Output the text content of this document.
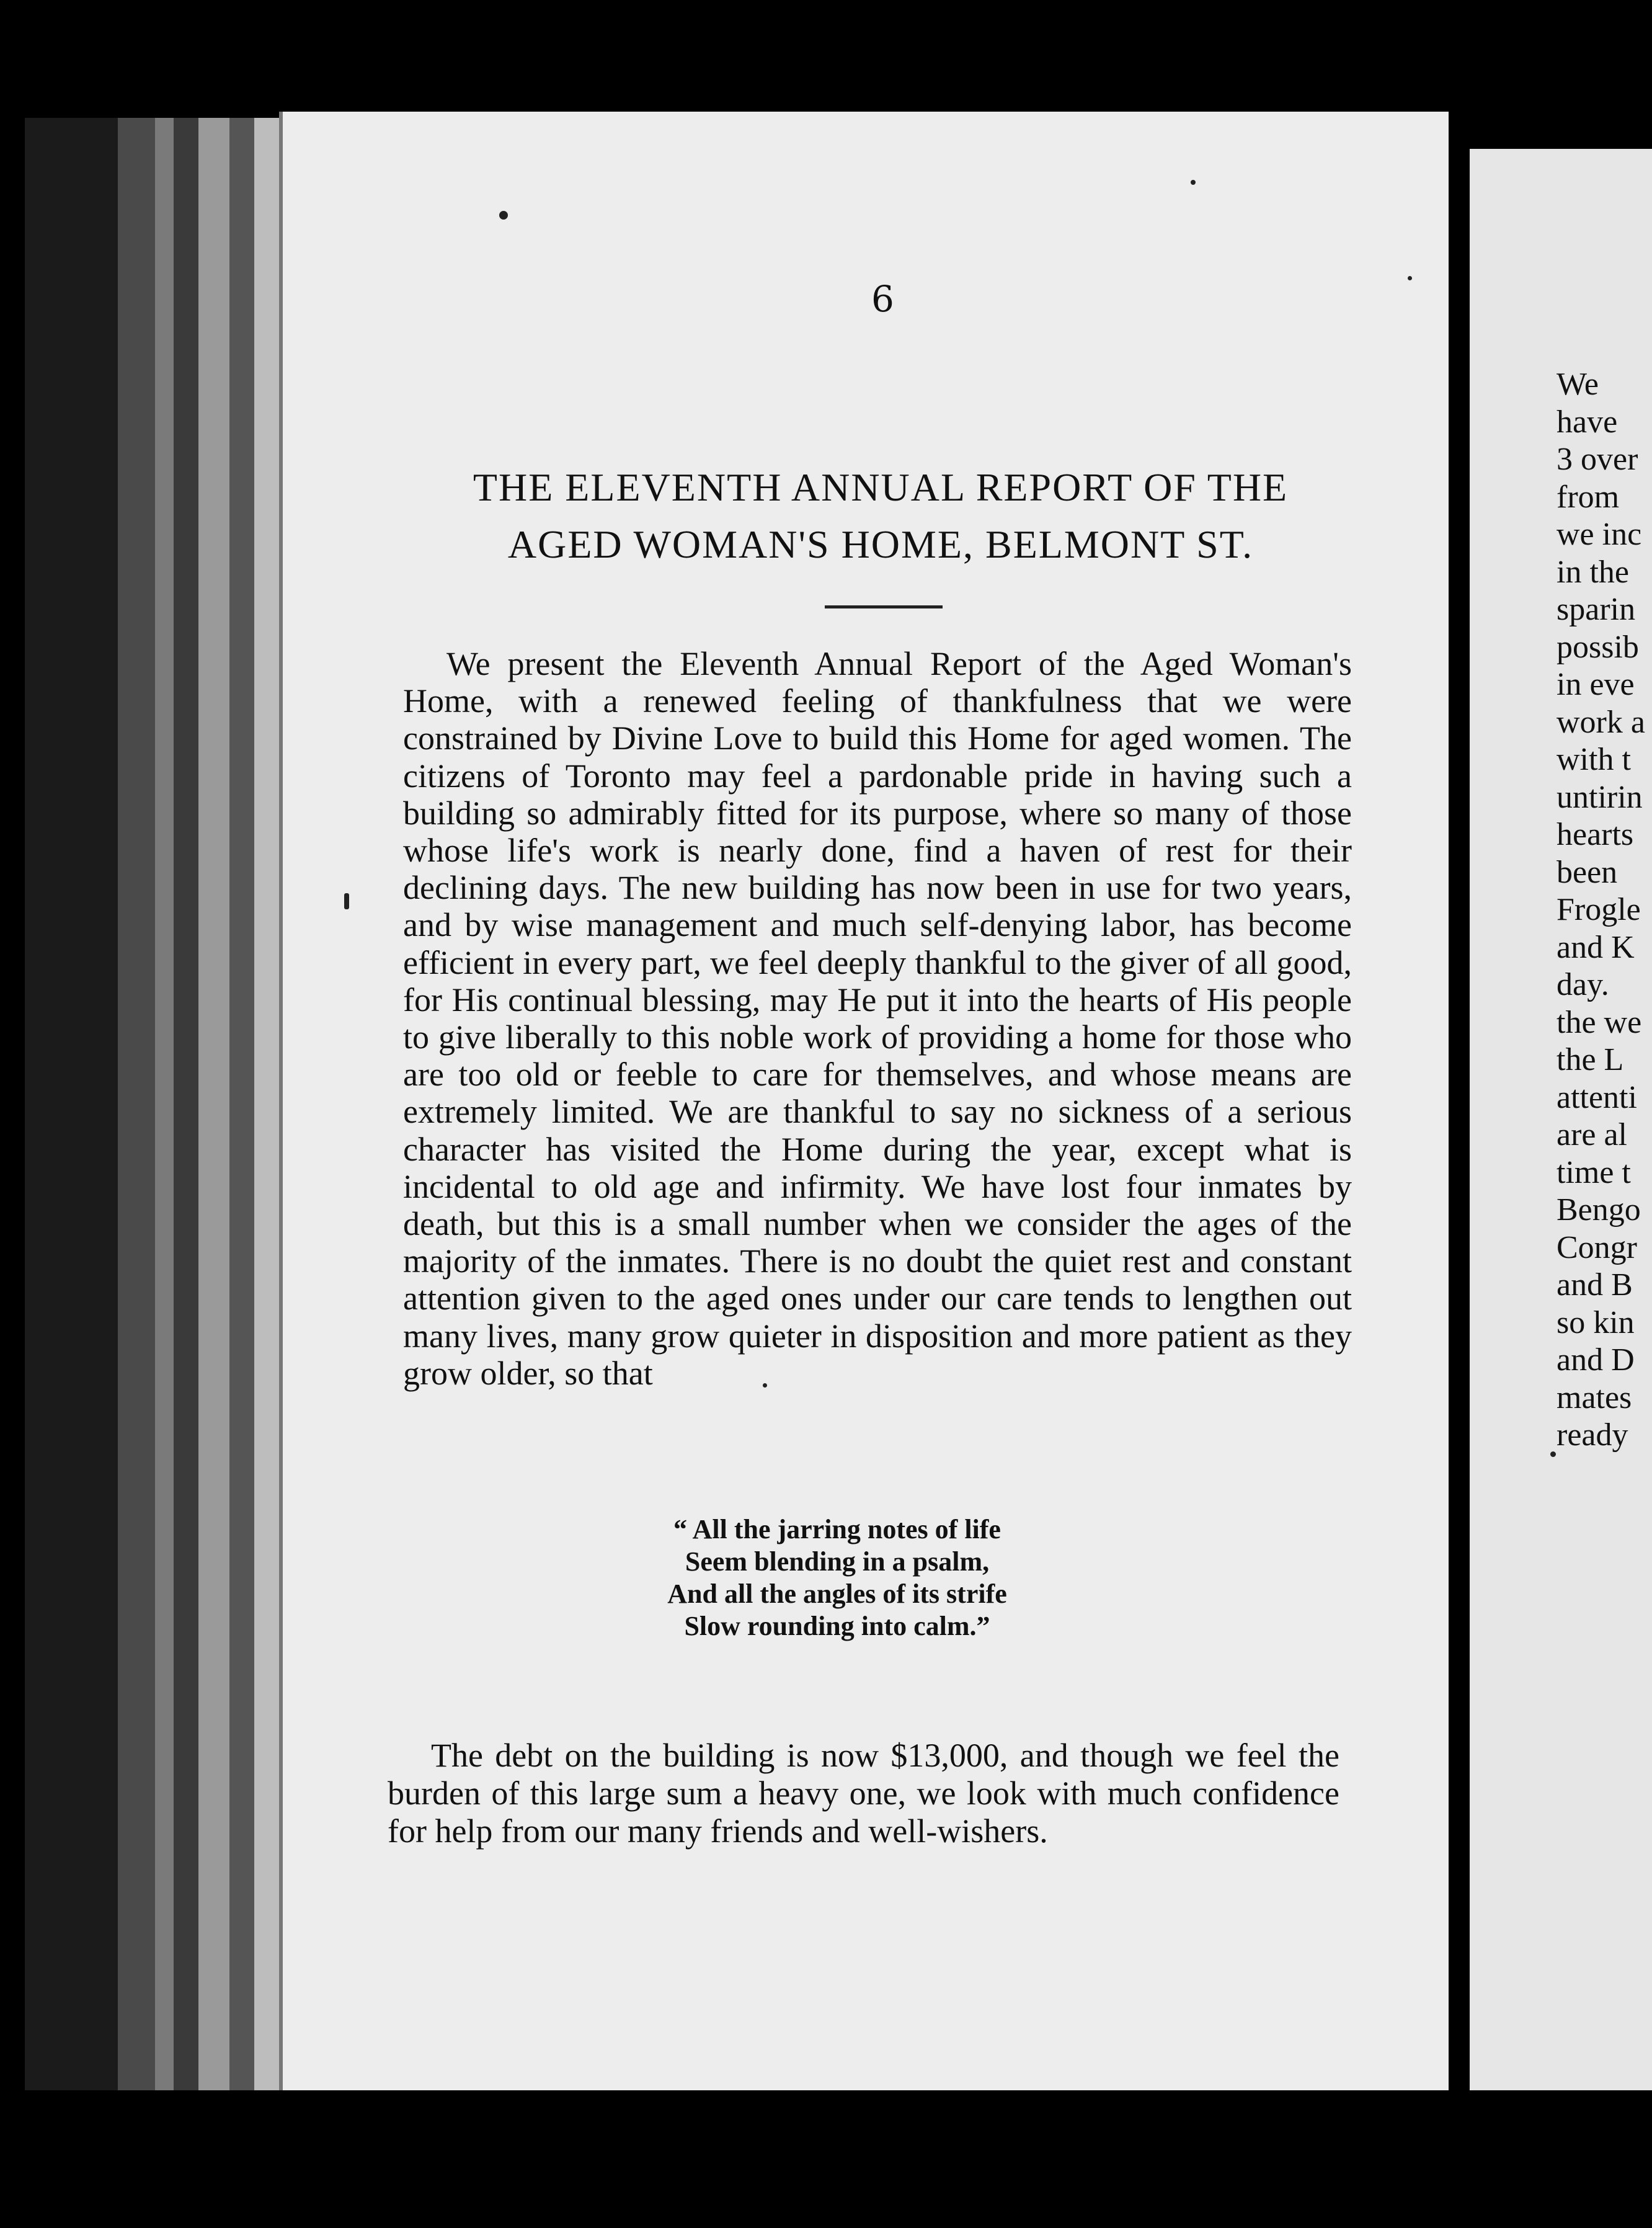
6
THE ELEVENTH ANNUAL REPORT OF THE
AGED WOMAN'S HOME, BELMONT ST.
We present the Eleventh Annual Report of the Aged Woman's Home, with a renewed feeling of thankfulness that we were constrained by Divine Love to build this Home for aged women. The citizens of Toronto may feel a pardonable pride in having such a building so admirably fitted for its purpose, where so many of those whose life's work is nearly done, find a haven of rest for their declining days. The new building has now been in use for two years, and by wise management and much self-denying labor, has become efficient in every part, we feel deeply thankful to the giver of all good, for His continual blessing, may He put it into the hearts of His people to give liberally to this noble work of providing a home for those who are too old or feeble to care for themselves, and whose means are extremely limited. We are thankful to say no sickness of a serious character has visited the Home during the year, except what is incidental to old age and infirmity. We have lost four inmates by death, but this is a small number when we consider the ages of the majority of the inmates. There is no doubt the quiet rest and constant attention given to the aged ones under our care tends to lengthen out many lives, many grow quieter in disposition and more patient as they grow older, so that
“ All the jarring notes of life
Seem blending in a psalm,
And all the angles of its strife
Slow rounding into calm.”
The debt on the building is now $13,000, and though we feel the burden of this large sum a heavy one, we look with much confidence for help from our many friends and well-wishers.
We
have
3 over
from
we inc
in the
sparin
possib
in eve
work a
with t
untirin
hearts
been
Frogle
and K
day.
the we
the L
attenti
are al
time t
Bengo
Congr
and B
so kin
and D
mates
ready
